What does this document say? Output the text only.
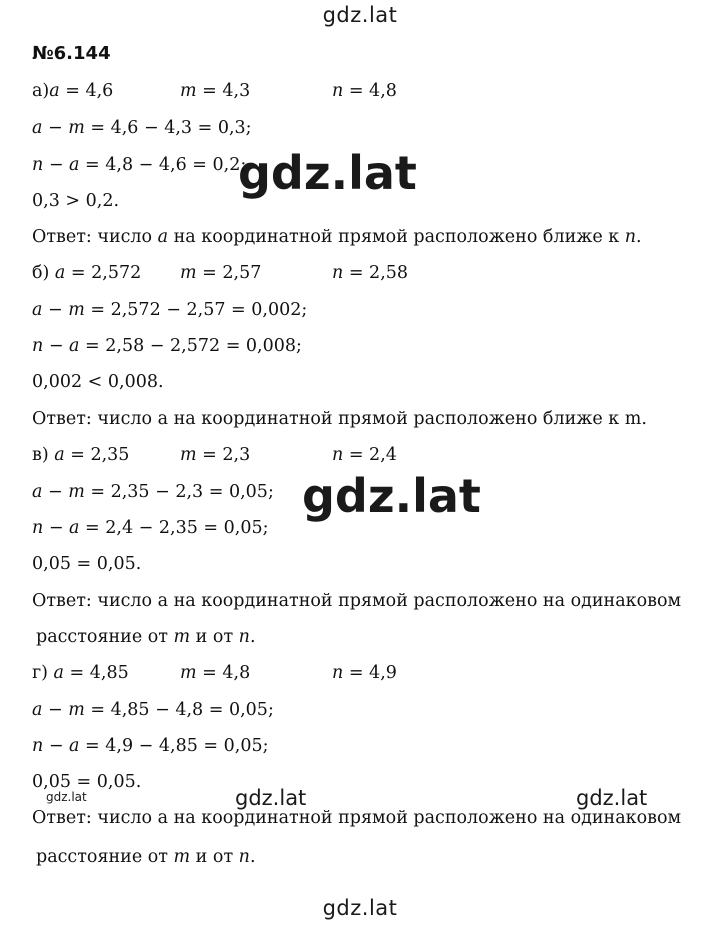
gdz.lat
gdz.lat
gdz.lat
gdz.lat	gdz.lat	gdz.lat
gdz.lat
№6.144
а)𝑎 = 4,6	𝑚 = 4,3	𝑛 = 4,8
𝑎 − 𝑚 = 4,6 − 4,3 = 0,3;
𝑛 − 𝑎 = 4,8 − 4,6 = 0,2;
0,3 > 0,2.
Ответ: число 𝑎 на координатной прямой расположено ближе к 𝑛.
б) 𝑎 = 2,572 𝑚 = 2,57	𝑛 = 2,58
𝑎 − 𝑚 = 2,572 − 2,57 = 0,002;
𝑛 − 𝑎 = 2,58 − 2,572 = 0,008;
0,002 < 0,008.
Ответ: число а на координатной прямой расположено ближе к m.
в) 𝑎 = 2,35	𝑚 = 2,3	𝑛 = 2,4
𝑎 − 𝑚 = 2,35 − 2,3 = 0,05;
𝑛 − 𝑎 = 2,4 − 2,35 = 0,05;
0,05 = 0,05.
Ответ: число а на координатной прямой расположено на одинаковом
расстояние от 𝑚 и от 𝑛.
г) 𝑎 = 4,85	𝑚 = 4,8	𝑛 = 4,9
𝑎 − 𝑚 = 4,85 − 4,8 = 0,05;
𝑛 − 𝑎 = 4,9 − 4,85 = 0,05;
0,05 = 0,05.
Ответ: число а на координатной прямой расположено на одинаковом
расстояние от 𝑚 и от 𝑛.
